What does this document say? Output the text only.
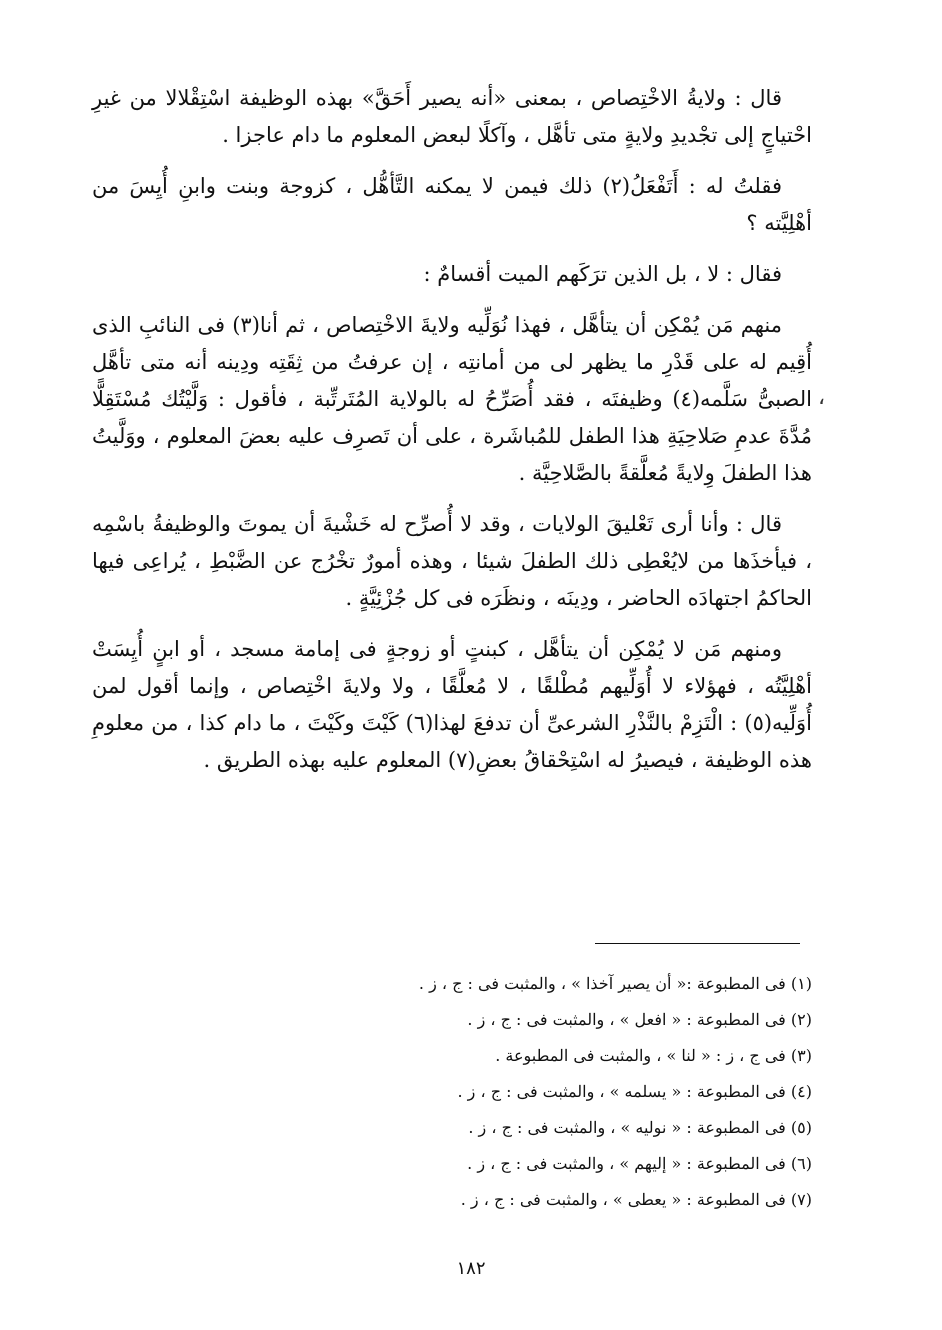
قال : ولايةُ الاخْتِصاص ، بمعنى «أنه يصير أَحَقَّ» بهذه الوظيفة اسْتِقْلالا من غيرِ احْتياجٍ إلى تجْديدِ ولايةٍ متى تأهَّل ، وآكلًا لبعض المعلوم ما دام عاجزا .

فقلتُ له : أَتَفْعَلُ(٢) ذلك فيمن لا يمكنه التَّأهُّل ، كزوجة وبنت وابنِ أُيِسَ من أهْلِيَّته ؟

فقال : لا ، بل الذين ترَكَهم الميت أقسامٌ :

منهم مَن يُمْكِن أن يتأهَّل ، فهذا نُوَلِّيه ولايةَ الاخْتِصاص ، ثم أنا(٣) فى النائبِ الذى أُقِيم له على قَدْرِ ما يظهر لى من أمانتِه ، إن عرفتُ من ثِقَتِه ودِينه أنه متى تأهَّل الصبىُّ سَلَّمه(٤) وظيفتَه ، فقد أُصَرِّحُ له بالولاية المُتَرتِّبة ، فأقول : وَلَّيْتُك مُسْتَقِلًّا مُدَّةَ عدمِ صَلاحِيَةِ هذا الطفل للمُباشَرة ، على أن تَصرِف عليه بعضَ المعلوم ، ووَلَّيتُ هذا الطفلَ وِلايةً مُعلَّقةً بالصَّلاحِيَّة .

قال : وأنا أرى تَعْليقَ الولايات ، وقد لا أُصرِّح له خَشْيةَ أن يموتَ والوظيفةُ باسْمِه ، فيأخذَها من لايُعْطِى ذلك الطفلَ شيئا ، وهذه أمورٌ تخْرُج عن الضَّبْطِ ، يُراعِى فيها الحاكمُ اجتهادَه الحاضر ، ودِينَه ، ونظَرَه فى كل جُزْئِيَّةٍ .

ومنهم مَن لا يُمْكِن أن يتأهَّل ، كبنتٍ أو زوجةٍ فى إمامة مسجد ، أو ابنٍ أُيِسَتْ أهْلِيَّتُه ، فهؤلاء لا أُوَلِّيهم مُطْلقًا ، لا مُعلَّقًا ، ولا ولايةَ اخْتِصاص ، وإنما أقول لمن أُوَلِّيه(٥) : الْتَزِمْ بالنَّذْرِ الشرعىِّ أن تدفعَ لهذا(٦) كَيْتَ وكَيْتَ ، ما دام كذا ، من معلومِ هذه الوظيفة ، فيصيرُ له اسْتِحْقاقُ بعضِ(٧) المعلوم عليه بهذه الطريق .

،
(١) فى المطبوعة :« أن يصير آخذا » ، والمثبت فى : ج ، ز .
(٢) فى المطبوعة : « افعل » ، والمثبت فى : ج ، ز .
(٣) فى ج ، ز : « لنا » ، والمثبت فى المطبوعة .
(٤) فى المطبوعة : « يسلمه » ، والمثبت فى : ج ، ز .
(٥) فى المطبوعة : « نوليه » ، والمثبت فى : ج ، ز .
(٦) فى المطبوعة : « إليهم » ، والمثبت فى : ج ، ز .
(٧) فى المطبوعة : « يعطى » ، والمثبت فى : ج ، ز .
١٨٢
